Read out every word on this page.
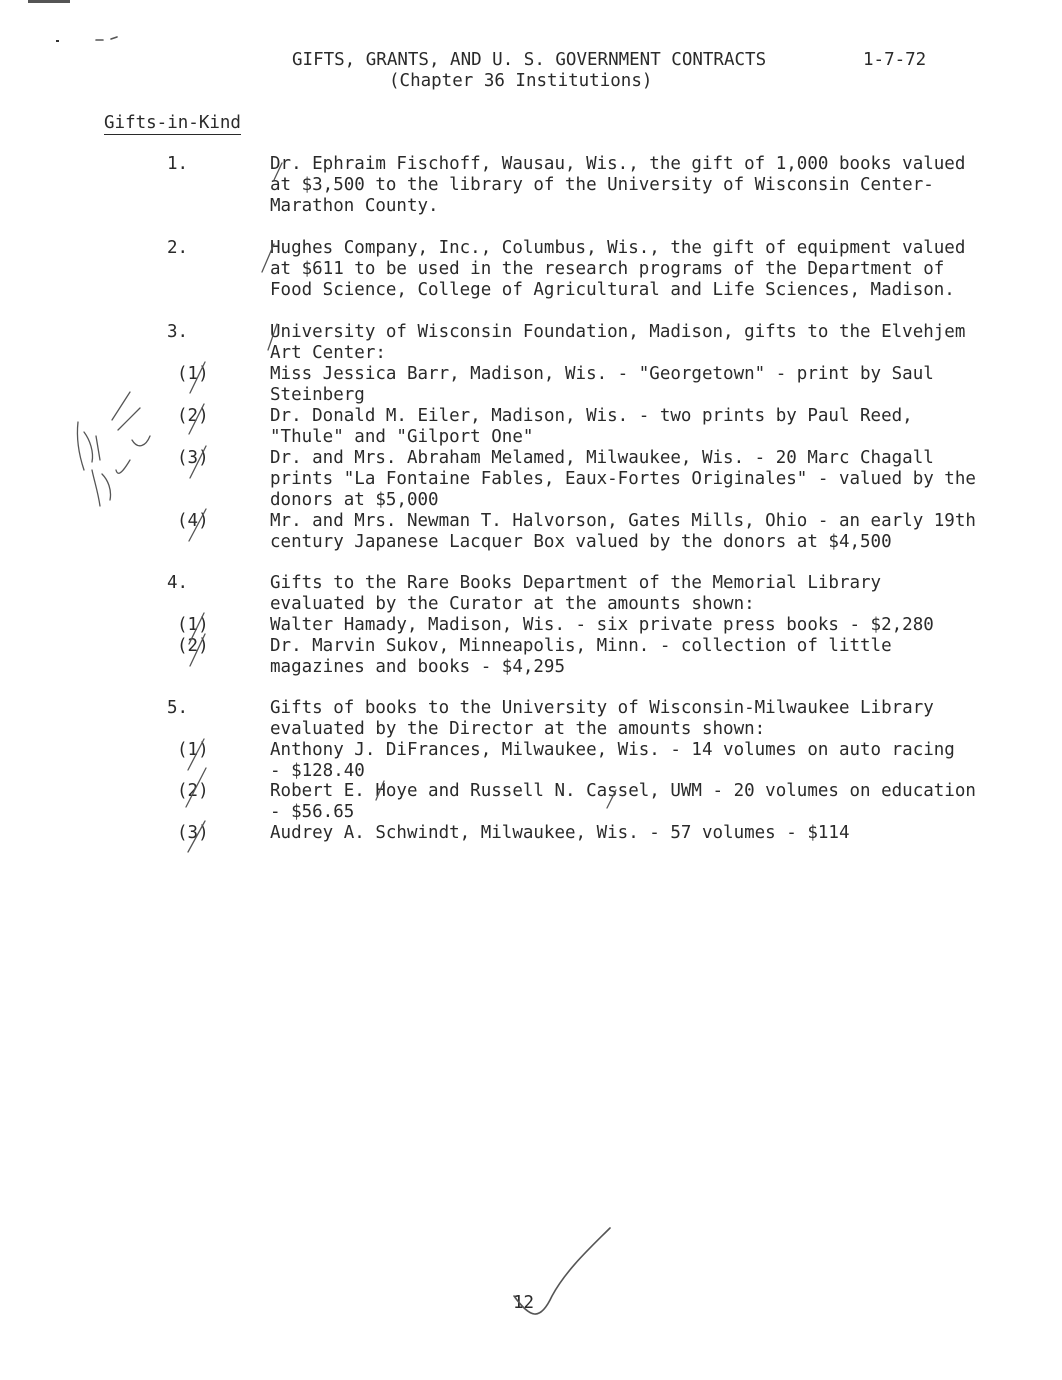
GIFTS, GRANTS, AND U. S. GOVERNMENT CONTRACTS
(Chapter 36 Institutions)
1-7-72
Gifts-in-Kind
1.	Dr. Ephraim Fischoff, Wausau, Wis., the gift of 1,000 books valued
at $3,500 to the library of the University of Wisconsin Center-
Marathon County.
2.	Hughes Company, Inc., Columbus, Wis., the gift of equipment valued
at $611 to be used in the research programs of the Department of
Food Science, College of Agricultural and Life Sciences, Madison.
3.	University of Wisconsin Foundation, Madison, gifts to the Elvehjem
Art Center:
(1)	Miss Jessica Barr, Madison, Wis. - "Georgetown" - print by Saul
Steinberg
(2)	Dr. Donald M. Eiler, Madison, Wis. - two prints by Paul Reed,
"Thule" and "Gilport One"
(3)	Dr. and Mrs. Abraham Melamed, Milwaukee, Wis. - 20 Marc Chagall
prints "La Fontaine Fables, Eaux-Fortes Originales" - valued by the
donors at $5,000
(4)	Mr. and Mrs. Newman T. Halvorson, Gates Mills, Ohio - an early 19th
century Japanese Lacquer Box valued by the donors at $4,500
4.	Gifts to the Rare Books Department of the Memorial Library
evaluated by the Curator at the amounts shown:
(1)	Walter Hamady, Madison, Wis. - six private press books - $2,280
(2)	Dr. Marvin Sukov, Minneapolis, Minn. - collection of little
magazines and books - $4,295
5.	Gifts of books to the University of Wisconsin-Milwaukee Library
evaluated by the Director at the amounts shown:
(1)	Anthony J. DiFrances, Milwaukee, Wis. - 14 volumes on auto racing
- $128.40
(2)	Robert E. Hoye and Russell N. Cassel, UWM - 20 volumes on education
- $56.65
(3)	Audrey A. Schwindt, Milwaukee, Wis. - 57 volumes - $114
12
